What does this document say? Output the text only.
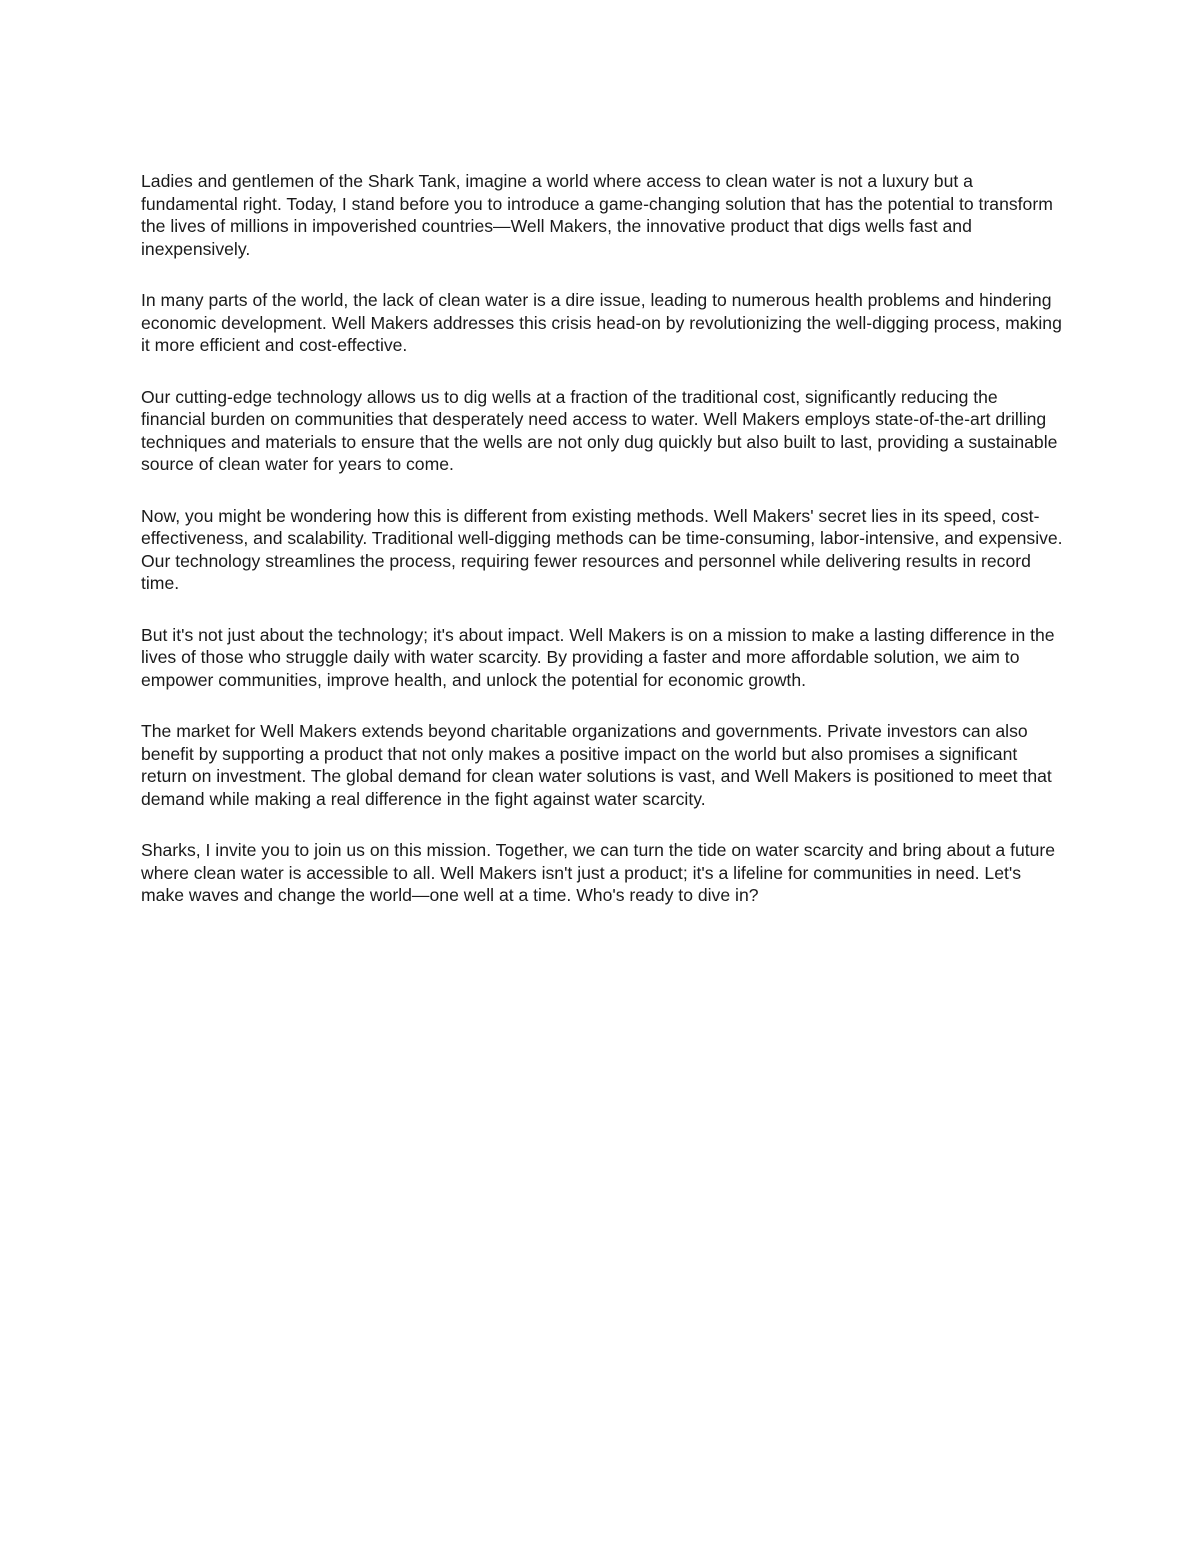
Ladies and gentlemen of the Shark Tank, imagine a world where access to clean water is not a luxury but a fundamental right. Today, I stand before you to introduce a game-changing solution that has the potential to transform the lives of millions in impoverished countries—Well Makers, the innovative product that digs wells fast and inexpensively.

In many parts of the world, the lack of clean water is a dire issue, leading to numerous health problems and hindering economic development. Well Makers addresses this crisis head-on by revolutionizing the well-digging process, making it more efficient and cost-effective.

Our cutting-edge technology allows us to dig wells at a fraction of the traditional cost, significantly reducing the financial burden on communities that desperately need access to water. Well Makers employs state-of-the-art drilling techniques and materials to ensure that the wells are not only dug quickly but also built to last, providing a sustainable source of clean water for years to come.

Now, you might be wondering how this is different from existing methods. Well Makers' secret lies in its speed, cost-effectiveness, and scalability. Traditional well-digging methods can be time-consuming, labor-intensive, and expensive. Our technology streamlines the process, requiring fewer resources and personnel while delivering results in record time.

But it's not just about the technology; it's about impact. Well Makers is on a mission to make a lasting difference in the lives of those who struggle daily with water scarcity. By providing a faster and more affordable solution, we aim to empower communities, improve health, and unlock the potential for economic growth.

The market for Well Makers extends beyond charitable organizations and governments. Private investors can also benefit by supporting a product that not only makes a positive impact on the world but also promises a significant return on investment. The global demand for clean water solutions is vast, and Well Makers is positioned to meet that demand while making a real difference in the fight against water scarcity.

Sharks, I invite you to join us on this mission. Together, we can turn the tide on water scarcity and bring about a future where clean water is accessible to all. Well Makers isn't just a product; it's a lifeline for communities in need. Let's make waves and change the world—one well at a time. Who's ready to dive in?
